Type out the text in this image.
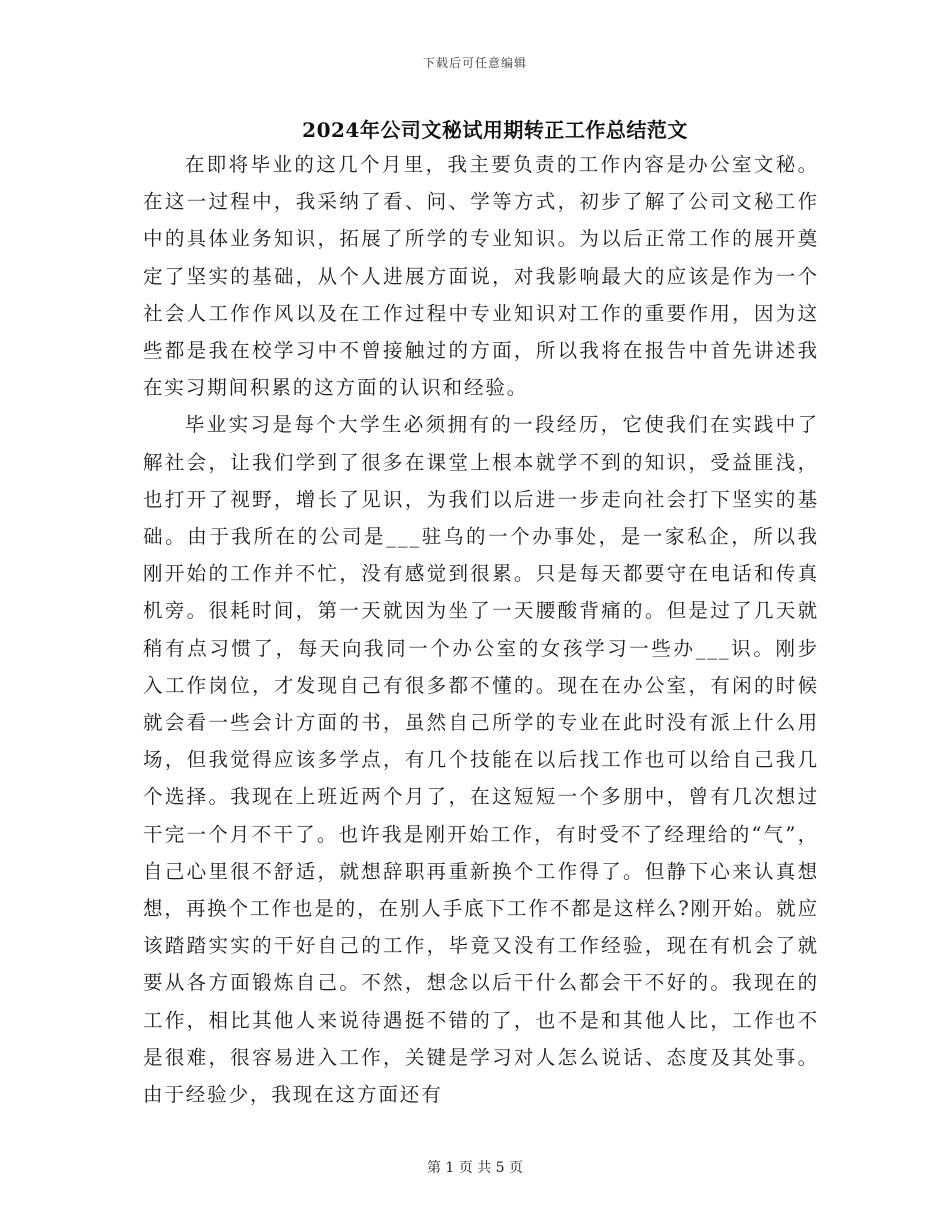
下载后可任意编辑
2024年公司文秘试用期转正工作总结范文

在即将毕业的这几个月里，我主要负责的工作内容是办公室文秘。在这一过程中，我采纳了看、问、学等方式，初步了解了公司文秘工作中的具体业务知识，拓展了所学的专业知识。为以后正常工作的展开奠定了坚实的基础，从个人进展方面说，对我影响最大的应该是作为一个社会人工作作风以及在工作过程中专业知识对工作的重要作用，因为这些都是我在校学习中不曾接触过的方面，所以我将在报告中首先讲述我在实习期间积累的这方面的认识和经验。

毕业实习是每个大学生必须拥有的一段经历，它使我们在实践中了解社会，让我们学到了很多在课堂上根本就学不到的知识，受益匪浅，也打开了视野，增长了见识，为我们以后进一步走向社会打下坚实的基础。由于我所在的公司是___驻乌的一个办事处，是一家私企，所以我刚开始的工作并不忙，没有感觉到很累。只是每天都要守在电话和传真机旁。很耗时间，第一天就因为坐了一天腰酸背痛的。但是过了几天就稍有点习惯了，每天向我同一个办公室的女孩学习一些办___识。刚步入工作岗位，才发现自己有很多都不懂的。现在在办公室，有闲的时候就会看一些会计方面的书，虽然自己所学的专业在此时没有派上什么用场，但我觉得应该多学点，有几个技能在以后找工作也可以给自己我几个选择。我现在上班近两个月了，在这短短一个多朋中，曾有几次想过干完一个月不干了。也许我是刚开始工作，有时受不了经理给的“气”，自己心里很不舒适，就想辞职再重新换个工作得了。但静下心来认真想想，再换个工作也是的，在别人手底下工作不都是这样么?刚开始。就应该踏踏实实的干好自己的工作，毕竟又没有工作经验，现在有机会了就要从各方面锻炼自己。不然，想念以后干什么都会干不好的。我现在的工作，相比其他人来说待遇挺不错的了，也不是和其他人比，工作也不是很难，很容易进入工作，关键是学习对人怎么说话、态度及其处事。由于经验少，我现在这方面还有

第 1 页 共 5 页
